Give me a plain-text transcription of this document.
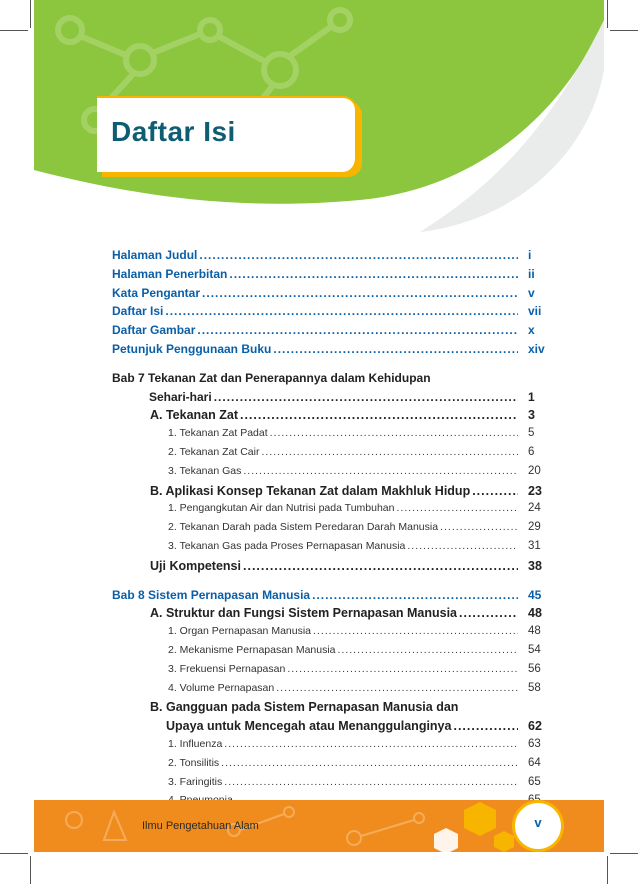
Daftar Isi
Halaman Judul .....	i
Halaman Penerbitan .....	ii
Kata Pengantar .....	v
Daftar Isi .....	vii
Daftar Gambar .....	x
Petunjuk Penggunaan Buku .....	xiv
Bab 7 Tekanan Zat dan Penerapannya dalam Kehidupan
Sehari-hari .....	1
A. Tekanan Zat .....	3
1. Tekanan Zat Padat .....	5
2. Tekanan Zat Cair .....	6
3. Tekanan Gas .....	20
B. Aplikasi Konsep Tekanan Zat dalam Makhluk Hidup .....	23
1. Pengangkutan Air dan Nutrisi pada Tumbuhan .....	24
2. Tekanan Darah pada Sistem Peredaran Darah Manusia .....	29
3. Tekanan Gas pada Proses Pernapasan Manusia .....	31
Uji Kompetensi .....	38
Bab 8 Sistem Pernapasan Manusia .....	45
A. Struktur dan Fungsi Sistem Pernapasan Manusia .....	48
1. Organ Pernapasan Manusia .....	48
2. Mekanisme Pernapasan Manusia .....	54
3. Frekuensi Pernapasan .....	56
4. Volume Pernapasan .....	58
B. Gangguan pada Sistem Pernapasan Manusia dan
Upaya untuk Mencegah atau Menanggulanginya .....	62
1. Influenza .....	63
2. Tonsilitis .....	64
3. Faringitis .....	65
.....
Ilmu Pengetahuan Alam	v
